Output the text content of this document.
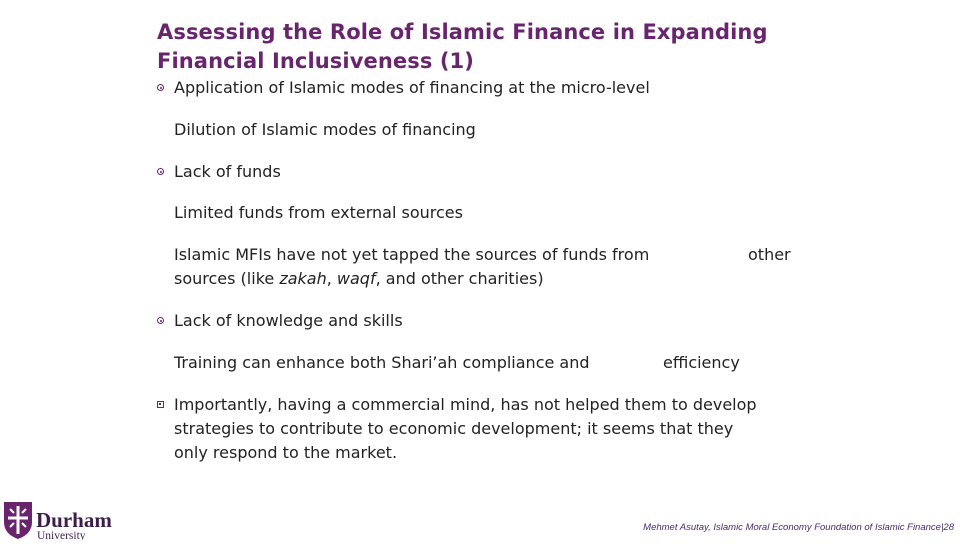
Assessing the Role of Islamic Finance in Expanding Financial Inclusiveness (1)
Application of Islamic modes of financing at the micro-level
Dilution of Islamic modes of financing
Lack of funds
Limited funds from external sources
Islamic MFIs have not yet tapped the sources of funds from	other
sources (like zakah, waqf, and other charities)
Lack of knowledge and skills
Training can enhance both Shari’ah compliance and	efficiency
Importantly, having a commercial mind, has not helped them to develop
strategies to contribute to economic development; it seems that they
only respond to the market.
Durham
University
Mehmet Asutay, Islamic Moral Economy Foundation of Islamic Finance|28
